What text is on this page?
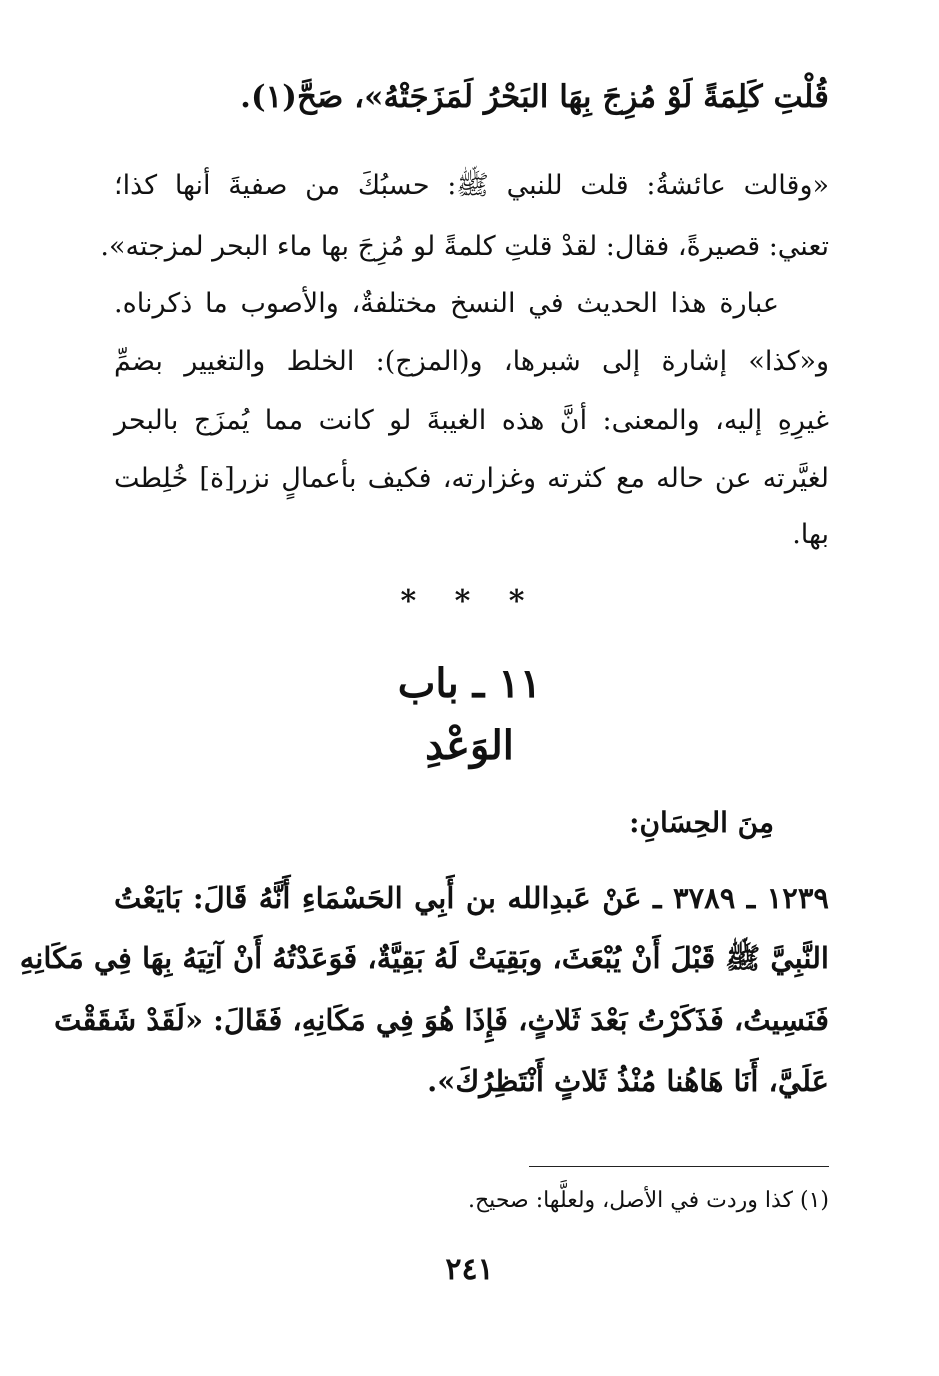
قُلْتِ كَلِمَةً لَوْ مُزِجَ بِهَا البَحْرُ لَمَزَجَتْهُ»، صَحَّ(١).
«وقالت عائشةُ: قلت للنبي ﷺ: حسبُكَ من صفيةَ أنها كذا؛
تعني: قصيرةً، فقال: لقدْ قلتِ كلمةً لو مُزِجَ بها ماء البحر لمزجته».
عبارة هذا الحديث في النسخ مختلفةٌ، والأصوب ما ذكرناه.
و«كذا» إشارة إلى شبرها، و(المزج): الخلط والتغيير بضمِّ
غيرِهِ إليه، والمعنى: أنَّ هذه الغيبةَ لو كانت مما يُمزَج بالبحر
لغيَّرته عن حاله مع كثرته وغزارته، فكيف بأعمالٍ نزر[ة] خُلِطت
بها.
* * *
١١ ـ باب
الوَعْدِ
مِنَ الحِسَانِ:
١٢٣٩ ـ ٣٧٨٩ ـ عَنْ عَبدِالله بن أَبِي الحَسْمَاءِ أَنَّهُ قَالَ: بَايَعْتُ
النَّبِيَّ ﷺ قَبْلَ أَنْ يُبْعَثَ، وبَقِيَتْ لَهُ بَقِيَّةٌ، فَوَعَدْتُهُ أَنْ آتِيَهُ بِهَا فِي مَكَانِهِ
فَنَسِيتُ، فَذَكَرْتُ بَعْدَ ثَلاثٍ، فَإِذَا هُوَ فِي مَكَانِهِ، فَقَالَ: «لَقَدْ شَقَقْتَ
عَلَيَّ، أَنَا هَاهُنا مُنْذُ ثَلاثٍ أَنْتَظِرُكَ».
(١) كذا وردت في الأصل، ولعلَّها: صحيح.
٢٤١
